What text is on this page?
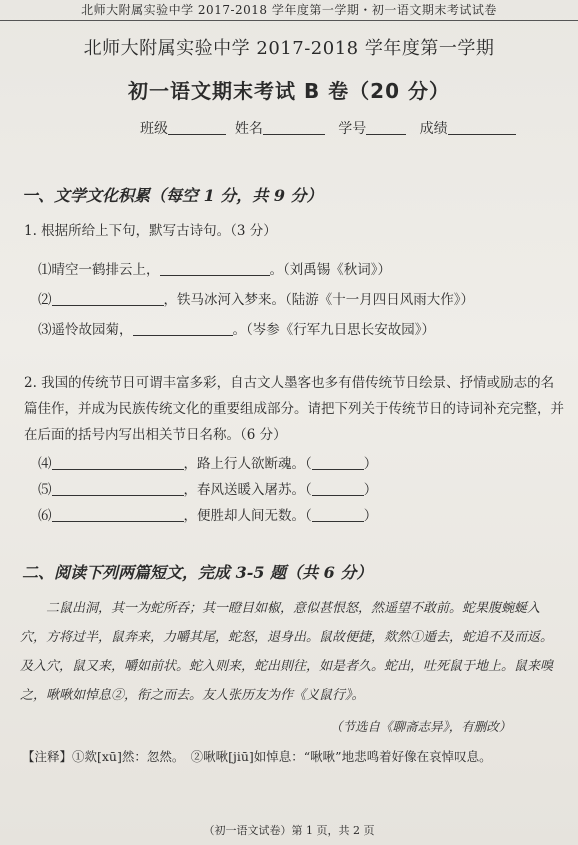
北师大附属实验中学 2017-2018 学年度第一学期・初一语文期末考试试卷
北师大附属实验中学 2017-2018 学年度第一学期
初一语文期末考试 B 卷（20 分）
班级	姓名	学号	成绩
一、文学文化积累（每空 1 分，共 9 分）
1. 根据所给上下句，默写古诗句。（3 分）
⑴晴空一鹤排云上，	。（刘禹锡《秋词》）
⑵	，铁马冰河入梦来。（陆游《十一月四日风雨大作》）
⑶遥怜故园菊，	。（岑参《行军九日思长安故园》）
2. 我国的传统节日可谓丰富多彩，自古文人墨客也多有借传统节日绘景、抒情或励志的名篇佳作，并成为民族传统文化的重要组成部分。请把下列关于传统节日的诗词补充完整，并在后面的括号内写出相关节日名称。（6 分）
⑷	，路上行人欲断魂。（	）
⑸	，春风送暖入屠苏。（	）
⑹	，便胜却人间无数。（	）
二、阅读下列两篇短文，完成 3-5 题（共 6 分）
二鼠出洞，其一为蛇所吞；其一瞪目如椒，意似甚恨怒，然遥望不敢前。蛇果腹蜿蜒入穴，方将过半，鼠奔来，力嚼其尾，蛇怒，退身出。鼠故便捷，欻然①遁去，蛇追不及而返。及入穴，鼠又来，嚼如前状。蛇入则来，蛇出則往，如是者久。蛇出，吐死鼠于地上。鼠来嗅之，啾啾如悼息②，衔之而去。友人张历友为作《义鼠行》。
（节选自《聊斋志异》，有删改）
【注释】①欻[xū]然：忽然。　②啾啾[jiū]如悼息：“啾啾”地悲鸣着好像在哀悼叹息。
（初一语文试卷）第 1 页，共 2 页
